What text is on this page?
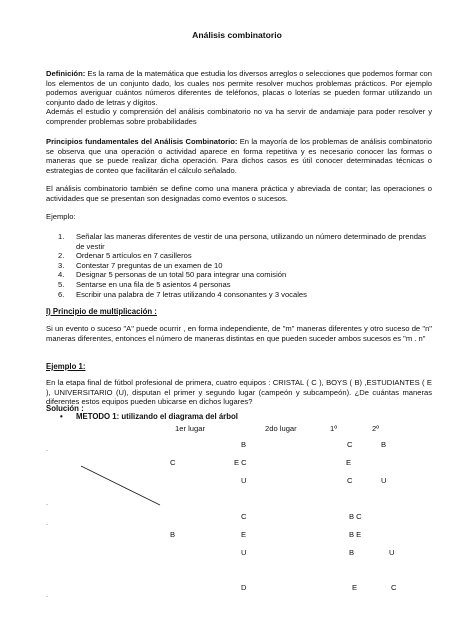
Análisis combinatorio

Definición: Es la rama de la matemática que estudia los diversos arreglos o selecciones que podemos formar con los elementos de un conjunto dado, los cuales nos permite resolver muchos problemas prácticos. Por ejemplo podemos averiguar cuántos números diferentes de teléfonos, placas o loterías se pueden formar utilizando un conjunto dado de letras y dígitos.
Además el estudio y comprensión del análisis combinatorio no va ha servir de andamiaje para poder resolver y comprender problemas sobre probabilidades

Principios fundamentales del Análisis Combinatorio: En la mayoría de los problemas de análisis combinatorio se observa que una operación o actividad aparece en forma repetitiva y es necesario conocer las formas o maneras que se puede realizar dicha operación. Para dichos casos es útil conocer determinadas técnicas o estrategias de conteo que facilitarán el cálculo señalado.

El análisis combinatorio también se define como una manera práctica y abreviada de contar; las operaciones o actividades que se presentan son designadas como eventos o sucesos.

Ejemplo:

1. Señalar las maneras diferentes de vestir de una persona, utilizando un número determinado de prendas de vestir
2. Ordenar 5 artículos en 7 casilleros
3. Contestar 7 preguntas de un examen de 10
4. Designar 5 personas de un total 50 para integrar una comisión
5. Sentarse en una fila de 5 asientos 4 personas
6. Escribir una palabra de 7 letras utilizando 4 consonantes y 3 vocales
I) Principio de multiplicación :

Si un evento o suceso "A" puede ocurrir , en forma independiente, de "m" maneras diferentes y otro suceso de "n" maneras diferentes, entonces el número de maneras distintas en que pueden suceder ambos sucesos es "m . n"

Ejemplo 1:

En la etapa final de fútbol profesional de primera, cuatro equipos : CRISTAL ( C ), BOYS ( B) ,ESTUDIANTES ( E ), UNIVERSITARIO (U), disputan el primer y segundo lugar (campeón y subcampeón). ¿De cuántas maneras diferentes estos equipos pueden ubicarse en dichos lugares?

Solución :
• METODO 1: utilizando el diagrama del árbol
1er lugar	2do lugar	1º	2º
B	C	B
C	E C	E
U	C	U
C	B C
B	E	B E
U	B	U
D	E	C
.
.
.
.
